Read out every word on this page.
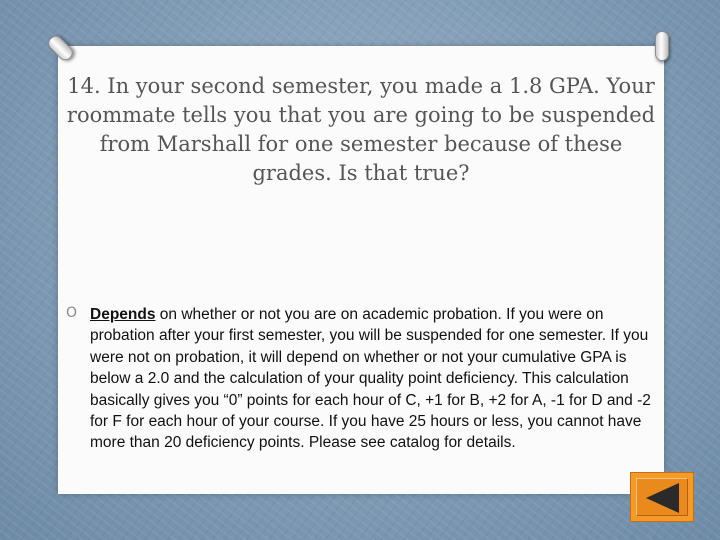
14. In your second semester, you made a 1.8 GPA. Your roommate tells you that you are going to be suspended from Marshall for one semester because of these grades. Is that true?
O Depends on whether or not you are on academic probation. If you were on probation after your first semester, you will be suspended for one semester. If you were not on probation, it will depend on whether or not your cumulative GPA is below a 2.0 and the calculation of your quality point deficiency. This calculation basically gives you “0” points for each hour of C, +1 for B, +2 for A, -1 for D and -2 for F for each hour of your course. If you have 25 hours or less, you cannot have more than 20 deficiency points. Please see catalog for details.
